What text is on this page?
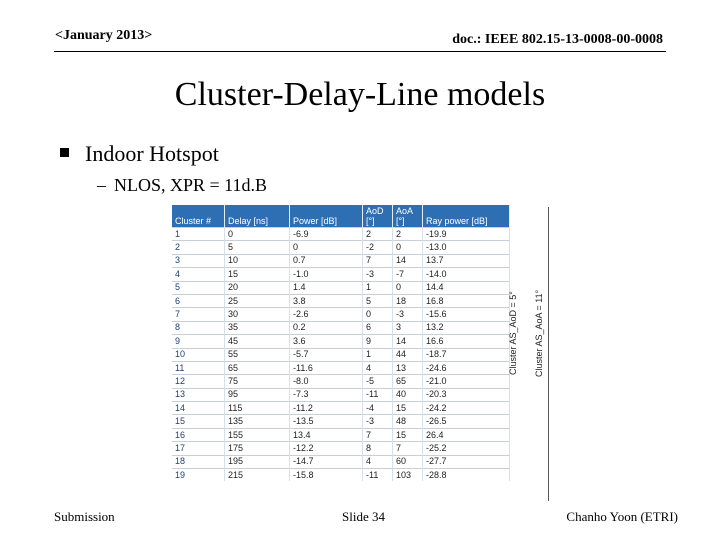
<January 2013>	doc.: IEEE 802.15-13-0008-00-0008
Cluster-Delay-Line models
Indoor Hotspot
– NLOS, XPR = 11d.B
Cluster #	Delay [ns]	Power [dB]	AoD [°]	AoA [°]	Ray power [dB]
1	0	-6.9	2	2	-19.9
2	5	0	-2	0	-13.0
3	10	0.7	7	14	13.7
4	15	-1.0	-3	-7	-14.0
5	20	1.4	1	0	14.4
6	25	3.8	5	18	16.8
7	30	-2.6	0	-3	-15.6
8	35	0.2	6	3	13.2
9	45	3.6	9	14	16.6
10	55	-5.7	1	44	-18.7
11	65	-11.6	4	13	-24.6
12	75	-8.0	-5	65	-21.0
13	95	-7.3	-11	40	-20.3
14	115	-11.2	-4	15	-24.2
15	135	-13.5	-3	48	-26.5
16	155	13.4	7	15	26.4
17	175	-12.2	8	7	-25.2
18	195	-14.7	4	60	-27.7
19	215	-15.8	-11	103	-28.8
Cluster AS_AoD = 5° Cluster AS_AoA = 11°
Submission	Slide 34	Chanho Yoon (ETRI)
